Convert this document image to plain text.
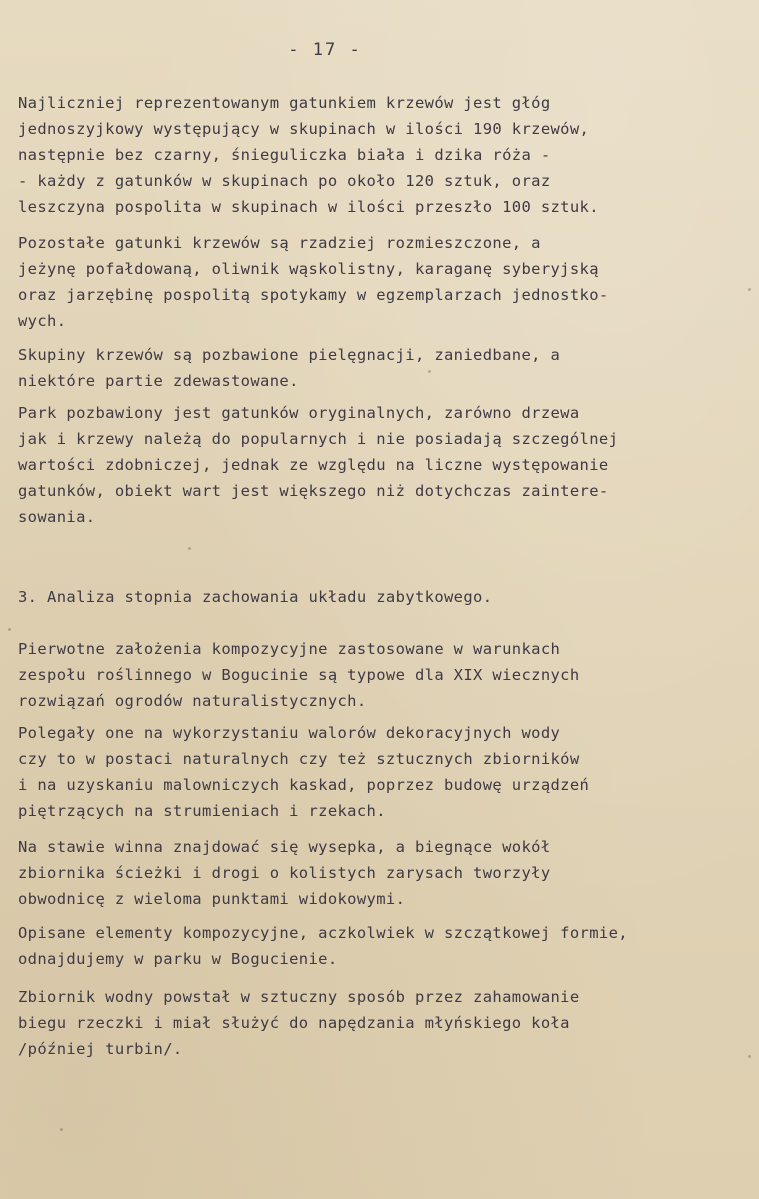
- 17 -

Najliczniej reprezentowanym gatunkiem krzewów jest głóg
jednoszyjkowy występujący w skupinach w ilości 190 krzewów,
następnie bez czarny, śnieguliczka biała i dzika róża -
- każdy z gatunków w skupinach po około 120 sztuk, oraz
leszczyna pospolita w skupinach w ilości przeszło 100 sztuk.

Pozostałe gatunki krzewów są rzadziej rozmieszczone, a
jeżynę pofałdowaną, oliwnik wąskolistny, karaganę syberyjską
oraz jarzębinę pospolitą spotykamy w egzemplarzach jednostko-
wych.

Skupiny krzewów są pozbawione pielęgnacji, zaniedbane, a
niektóre partie zdewastowane.

Park pozbawiony jest gatunków oryginalnych, zarówno drzewa
jak i krzewy należą do popularnych i nie posiadają szczególnej
wartości zdobniczej, jednak ze względu na liczne występowanie
gatunków, obiekt wart jest większego niż dotychczas zaintere-
sowania.

3. Analiza stopnia zachowania układu zabytkowego.

Pierwotne założenia kompozycyjne zastosowane w warunkach
zespołu roślinnego w Bogucinie są typowe dla XIX wiecznych
rozwiązań ogrodów naturalistycznych.

Polegały one na wykorzystaniu walorów dekoracyjnych wody
czy to w postaci naturalnych czy też sztucznych zbiorników
i na uzyskaniu malowniczych kaskad, poprzez budowę urządzeń
piętrzących na strumieniach i rzekach.

Na stawie winna znajdować się wysepka, a biegnące wokół
zbiornika ścieżki i drogi o kolistych zarysach tworzyły
obwodnicę z wieloma punktami widokowymi.

Opisane elementy kompozycyjne, aczkolwiek w szczątkowej formie,
odnajdujemy w parku w Bogucienie.

Zbiornik wodny powstał w sztuczny sposób przez zahamowanie
biegu rzeczki i miał służyć do napędzania młyńskiego koła
/później turbin/.
